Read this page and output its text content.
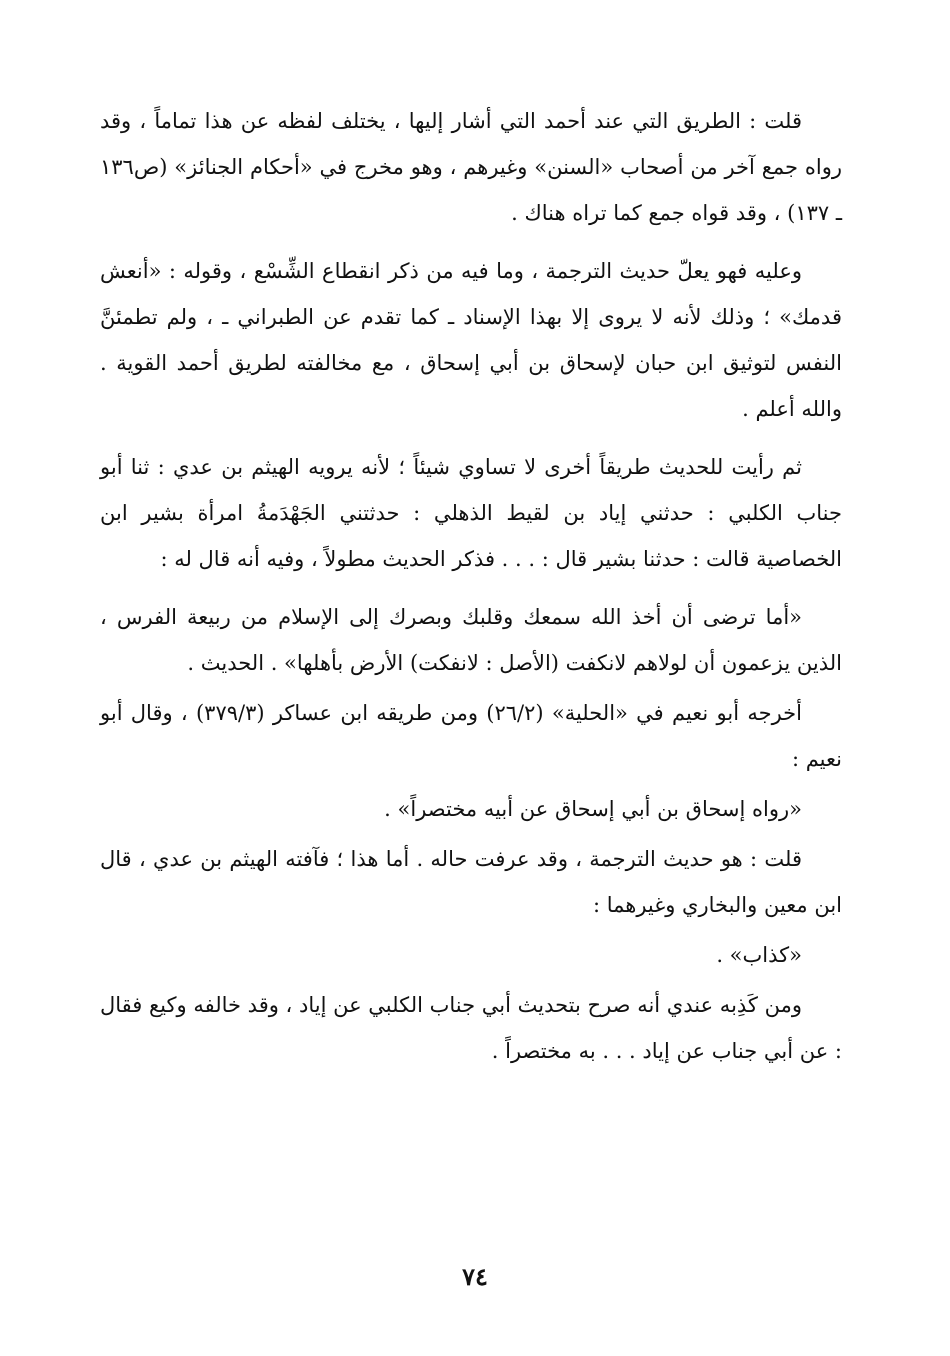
قلت : الطريق التي عند أحمد التي أشار إليها ، يختلف لفظه عن هذا تماماً ، وقد رواه جمع آخر من أصحاب «السنن» وغيرهم ، وهو مخرج في «أحكام الجنائز» (ص١٣٦ ـ ١٣٧) ، وقد قواه جمع كما تراه هناك .

وعليه فهو يعلّ حديث الترجمة ، وما فيه من ذكر انقطاع الشِّسْع ، وقوله : «أنعش قدمك» ؛ وذلك لأنه لا يروى إلا بهذا الإسناد ـ كما تقدم عن الطبراني ـ ، ولم تطمئنَّ النفس لتوثيق ابن حبان لإسحاق بن أبي إسحاق ، مع مخالفته لطريق أحمد القوية . والله أعلم .

ثم رأيت للحديث طريقاً أخرى لا تساوي شيئاً ؛ لأنه يرويه الهيثم بن عدي : ثنا أبو جناب الكلبي : حدثني إياد بن لقيط الذهلي : حدثتني الجَهْدَمةُ امرأة بشير ابن الخصاصية قالت : حدثنا بشير قال : . . . فذكر الحديث مطولاً ، وفيه أنه قال له :

«أما ترضى أن أخذ الله سمعك وقلبك وبصرك إلى الإسلام من ربيعة الفرس ، الذين يزعمون أن لولاهم لانكفت (الأصل : لانفكت) الأرض بأهلها» . الحديث .

أخرجه أبو نعيم في «الحلية» (٢٦/٢) ومن طريقه ابن عساكر (٣٧٩/٣) ، وقال أبو نعيم :

«رواه إسحاق بن أبي إسحاق عن أبيه مختصراً» .

قلت : هو حديث الترجمة ، وقد عرفت حاله . أما هذا ؛ فآفته الهيثم بن عدي ، قال ابن معين والبخاري وغيرهما :

«كذاب» .

ومن كَذِبه عندي أنه صرح بتحديث أبي جناب الكلبي عن إياد ، وقد خالفه وكيع فقال : عن أبي جناب عن إياد . . . به مختصراً .

٧٤
